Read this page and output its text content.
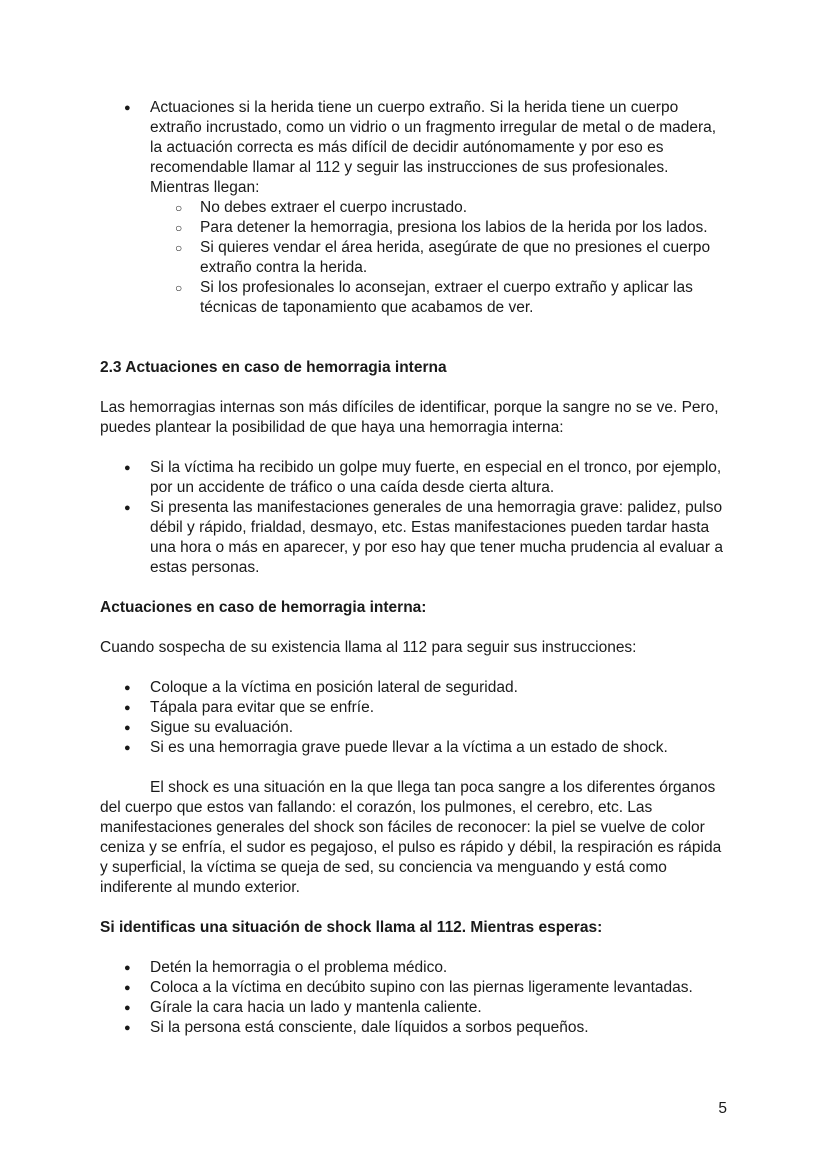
● Actuaciones si la herida tiene un cuerpo extraño. Si la herida tiene un cuerpo extraño incrustado, como un vidrio o un fragmento irregular de metal o de madera, la actuación correcta es más difícil de decidir autónomamente y por eso es recomendable llamar al 112 y seguir las instrucciones de sus profesionales. Mientras llegan:
○ No debes extraer el cuerpo incrustado.
○ Para detener la hemorragia, presiona los labios de la herida por los lados.
○ Si quieres vendar el área herida, asegúrate de que no presiones el cuerpo extraño contra la herida.
○ Si los profesionales lo aconsejan, extraer el cuerpo extraño y aplicar las técnicas de taponamiento que acabamos de ver.
2.3 Actuaciones en caso de hemorragia interna

Las hemorragias internas son más difíciles de identificar, porque la sangre no se ve. Pero, puedes plantear la posibilidad de que haya una hemorragia interna:

● Si la víctima ha recibido un golpe muy fuerte, en especial en el tronco, por ejemplo, por un accidente de tráfico o una caída desde cierta altura.
● Si presenta las manifestaciones generales de una hemorragia grave: palidez, pulso débil y rápido, frialdad, desmayo, etc. Estas manifestaciones pueden tardar hasta una hora o más en aparecer, y por eso hay que tener mucha prudencia al evaluar a estas personas.

Actuaciones en caso de hemorragia interna:

Cuando sospecha de su existencia llama al 112 para seguir sus instrucciones:

● Coloque a la víctima en posición lateral de seguridad.
● Tápala para evitar que se enfríe.
● Sigue su evaluación.
● Si es una hemorragia grave puede llevar a la víctima a un estado de shock.

El shock es una situación en la que llega tan poca sangre a los diferentes órganos del cuerpo que estos van fallando: el corazón, los pulmones, el cerebro, etc. Las manifestaciones generales del shock son fáciles de reconocer: la piel se vuelve de color ceniza y se enfría, el sudor es pegajoso, el pulso es rápido y débil, la respiración es rápida y superficial, la víctima se queja de sed, su conciencia va menguando y está como indiferente al mundo exterior.

Si identificas una situación de shock llama al 112. Mientras esperas:

● Detén la hemorragia o el problema médico.
● Coloca a la víctima en decúbito supino con las piernas ligeramente levantadas.
● Gírale la cara hacia un lado y mantenla caliente.
● Si la persona está consciente, dale líquidos a sorbos pequeños.
5
